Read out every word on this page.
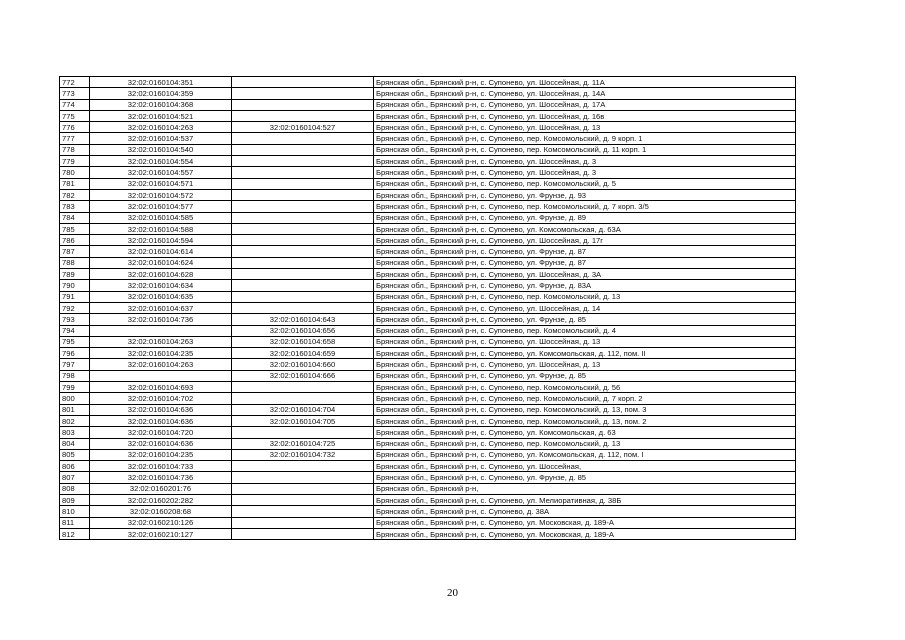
772	32:02:0160104:351		Брянская обл., Брянский р-н, с. Супонево, ул. Шоссейная, д. 11А
773	32:02:0160104:359		Брянская обл., Брянский р-н, с. Супонево, ул. Шоссейная, д. 14А
774	32:02:0160104:368		Брянская обл., Брянский р-н, с. Супонево, ул. Шоссейная, д. 17А
775	32:02:0160104:521		Брянская обл., Брянский р-н, с. Супонево, ул. Шоссейная, д. 16в
776	32:02:0160104:263	32:02:0160104:527	Брянская обл., Брянский р-н, с. Супонево, ул. Шоссейная, д. 13
777	32:02:0160104:537		Брянская обл., Брянский р-н, с. Супонево, пер. Комсомольский, д. 9 корп. 1
778	32:02:0160104:540		Брянская обл., Брянский р-н, с. Супонево, пер. Комсомольский, д. 11 корп. 1
779	32:02:0160104:554		Брянская обл., Брянский р-н, с. Супонево, ул. Шоссейная, д. 3
780	32:02:0160104:557		Брянская обл., Брянский р-н, с. Супонево, ул. Шоссейная, д. 3
781	32:02:0160104:571		Брянская обл., Брянский р-н, с. Супонево, пер. Комсомольский, д. 5
782	32:02:0160104:572		Брянская обл., Брянский р-н, с. Супонево, ул. Фрунзе, д. 93
783	32:02:0160104:577		Брянская обл., Брянский р-н, с. Супонево, пер. Комсомольский, д. 7 корп. 3/5
784	32:02:0160104:585		Брянская обл., Брянский р-н, с. Супонево, ул. Фрунзе, д. 89
785	32:02:0160104:588		Брянская обл., Брянский р-н, с. Супонево, ул. Комсомольская, д. 63А
786	32:02:0160104:594		Брянская обл., Брянский р-н, с. Супонево, ул. Шоссейная, д. 17г
787	32:02:0160104:614		Брянская обл., Брянский р-н, с. Супонево, ул. Фрунзе, д. 87
788	32:02:0160104:624		Брянская обл., Брянский р-н, с. Супонево, ул. Фрунзе, д. 87
789	32:02:0160104:628		Брянская обл., Брянский р-н, с. Супонево, ул. Шоссейная, д. 3А
790	32:02:0160104:634		Брянская обл., Брянский р-н, с. Супонево, ул. Фрунзе, д. 83А
791	32:02:0160104:635		Брянская обл., Брянский р-н, с. Супонево, пер. Комсомольский, д. 13
792	32:02:0160104:637		Брянская обл., Брянский р-н, с. Супонево, ул. Шоссейная, д. 14
793	32:02:0160104:736	32:02:0160104:643	Брянская обл., Брянский р-н, с. Супонево, ул. Фрунзе, д. 85
794		32:02:0160104:656	Брянская обл., Брянский р-н, с. Супонево, пер. Комсомольский, д. 4
795	32:02:0160104:263	32:02:0160104:658	Брянская обл., Брянский р-н, с. Супонево, ул. Шоссейная, д. 13
796	32:02:0160104:235	32:02:0160104:659	Брянская обл., Брянский р-н, с. Супонево, ул. Комсомольская, д. 112, пом. II
797	32:02:0160104:263	32:02:0160104:660	Брянская обл., Брянский р-н, с. Супонево, ул. Шоссейная, д. 13
798		32:02:0160104:666	Брянская обл., Брянский р-н, с. Супонево, ул. Фрунзе, д. 85
799	32:02:0160104:693		Брянская обл., Брянский р-н, с. Супонево, пер. Комсомольский, д. 56
800	32:02:0160104:702		Брянская обл., Брянский р-н, с. Супонево, пер. Комсомольский, д. 7 корп. 2
801	32:02:0160104:636	32:02:0160104:704	Брянская обл., Брянский р-н, с. Супонево, пер. Комсомольский, д. 13, пом. 3
802	32:02:0160104:636	32:02:0160104:705	Брянская обл., Брянский р-н, с. Супонево, пер. Комсомольский, д. 13, пом. 2
803	32:02:0160104:720		Брянская обл., Брянский р-н, с. Супонево, ул. Комсомольская, д. 63
804	32:02:0160104:636	32:02:0160104:725	Брянская обл., Брянский р-н, с. Супонево, пер. Комсомольский, д. 13
805	32:02:0160104:235	32:02:0160104:732	Брянская обл., Брянский р-н, с. Супонево, ул. Комсомольская, д. 112, пом. I
806	32:02:0160104:733		Брянская обл., Брянский р-н, с. Супонево, ул. Шоссейная,
807	32:02:0160104:736		Брянская обл., Брянский р-н, с. Супонево, ул. Фрунзе, д. 85
808	32:02:0160201:76		Брянская обл., Брянский р-н,
809	32:02:0160202:282		Брянская обл., Брянский р-н, с. Супонево, ул. Мелиоративная, д. 38Б
810	32:02:0160208:68		Брянская обл., Брянский р-н, с. Супонево, д. 38А
811	32:02:0160210:126		Брянская обл., Брянский р-н, с. Супонево, ул. Московская, д. 189-А
812	32:02:0160210:127		Брянская обл., Брянский р-н, с. Супонево, ул. Московская, д. 189-А
20
